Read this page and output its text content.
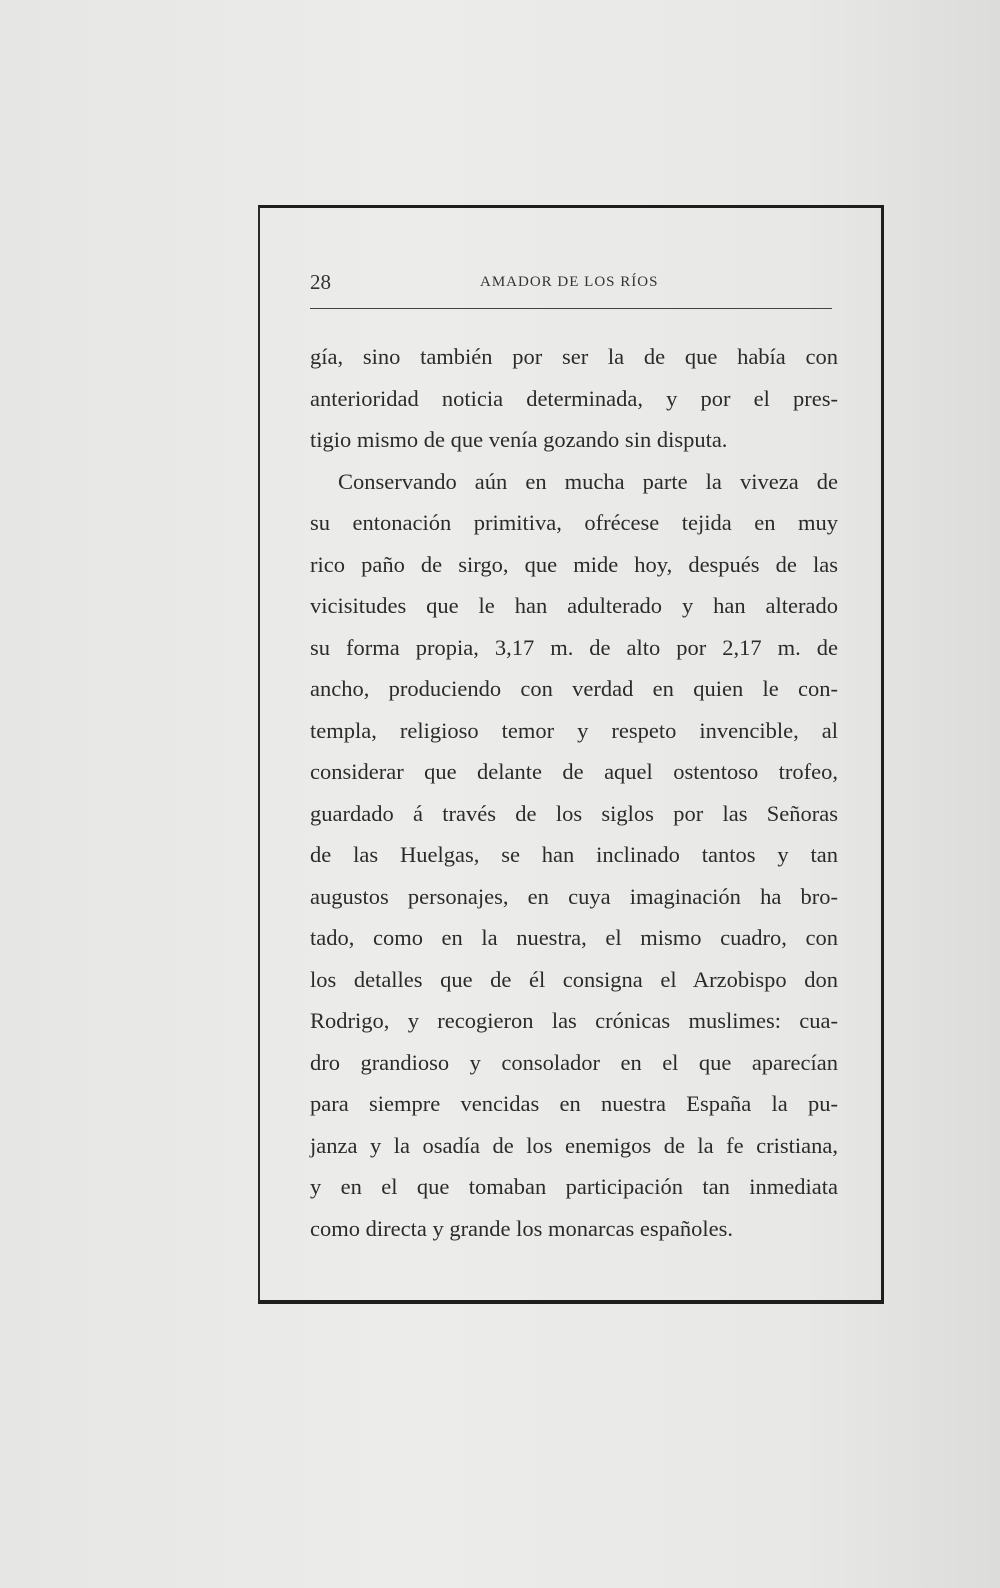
28	AMADOR DE LOS RÍOS
gía, sino también por ser la de que había con
anterioridad noticia determinada, y por el pres-
tigio mismo de que venía gozando sin disputa.
Conservando aún en mucha parte la viveza de
su entonación primitiva, ofrécese tejida en muy
rico paño de sirgo, que mide hoy, después de las
vicisitudes que le han adulterado y han alterado
su forma propia, 3,17 m. de alto por 2,17 m. de
ancho, produciendo con verdad en quien le con-
templa, religioso temor y respeto invencible, al
considerar que delante de aquel ostentoso trofeo,
guardado á través de los siglos por las Señoras
de las Huelgas, se han inclinado tantos y tan
augustos personajes, en cuya imaginación ha bro-
tado, como en la nuestra, el mismo cuadro, con
los detalles que de él consigna el Arzobispo don
Rodrigo, y recogieron las crónicas muslimes: cua-
dro grandioso y consolador en el que aparecían
para siempre vencidas en nuestra España la pu-
janza y la osadía de los enemigos de la fe cristiana,
y en el que tomaban participación tan inmediata
como directa y grande los monarcas españoles.
